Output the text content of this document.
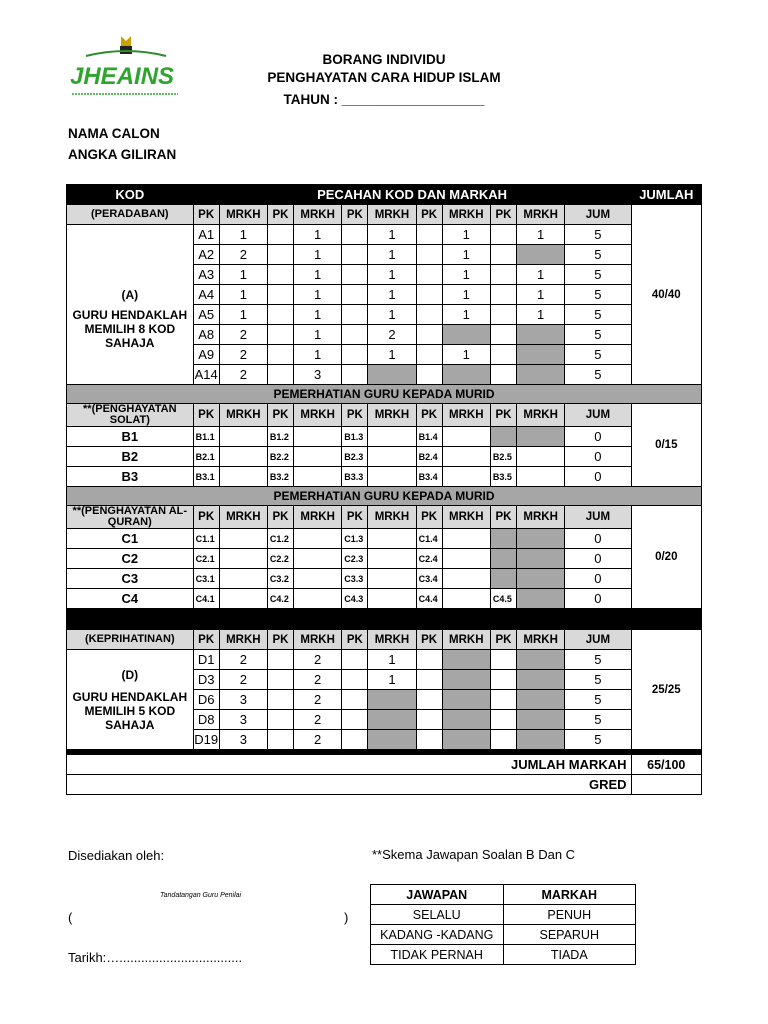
JHEAINS
BORANG INDIVIDU
PENGHAYATAN CARA HIDUP ISLAM
TAHUN : ___________________
NAMA CALON
ANGKA GILIRAN
KOD	PECAHAN KOD DAN MARKAH											JUMLAH
(PERADABAN)	PK	MRKH	PK	MRKH	PK	MRKH	PK	MRKH	PK	MRKH	JUM	40/40

(A)
GURU HENDAKLAH MEMILIH 8 KOD SAHAJA	A1	1		1		1		1		1	5	
	A2	2		1		1		1			5	
	A3	1		1		1		1		1	5	
	A4	1		1		1		1		1	5	
	A5	1		1		1		1		1	5	
	A8	2		1		2					5	
	A9	2		1		1		1			5	
	A14	2		3							5	
PEMERHATIAN GURU KEPADA MURID												
**(PENGHAYATAN SOLAT)	PK	MRKH	PK	MRKH	PK	MRKH	PK	MRKH	PK	MRKH	JUM	0/15
B1	B1.1		B1.2		B1.3		B1.4				0	
B2	B2.1		B2.2		B2.3		B2.4		B2.5		0	
B3	B3.1		B3.2		B3.3		B3.4		B3.5		0	
PEMERHATIAN GURU KEPADA MURID												
**(PENGHAYATAN AL-QURAN)	PK	MRKH	PK	MRKH	PK	MRKH	PK	MRKH	PK	MRKH	JUM	0/20
C1	C1.1		C1.2		C1.3		C1.4				0	
C2	C2.1		C2.2		C2.3		C2.4				0	
C3	C3.1		C3.2		C3.3		C3.4				0	
C4	C4.1		C4.2		C4.3		C4.4		C4.5		0	

(KEPRIHATINAN)	PK	MRKH	PK	MRKH	PK	MRKH	PK	MRKH	PK	MRKH	JUM	25/25

(D)
GURU HENDAKLAH MEMILIH 5 KOD SAHAJA	D1	2		2		1					5	
	D3	2		2		1					5	
	D6	3		2							5	
	D8	3		2							5	
	D19	3		2							5	

JUMLAH MARKAH												65/100
GRED												
Disediakan oleh:
Tandatangan Guru Penilai
(	)
Tarikh:…..................................
**Skema Jawapan Soalan B Dan C
JAWAPAN	MARKAH
SELALU	PENUH
KADANG -KADANG	SEPARUH
TIDAK PERNAH	TIADA
